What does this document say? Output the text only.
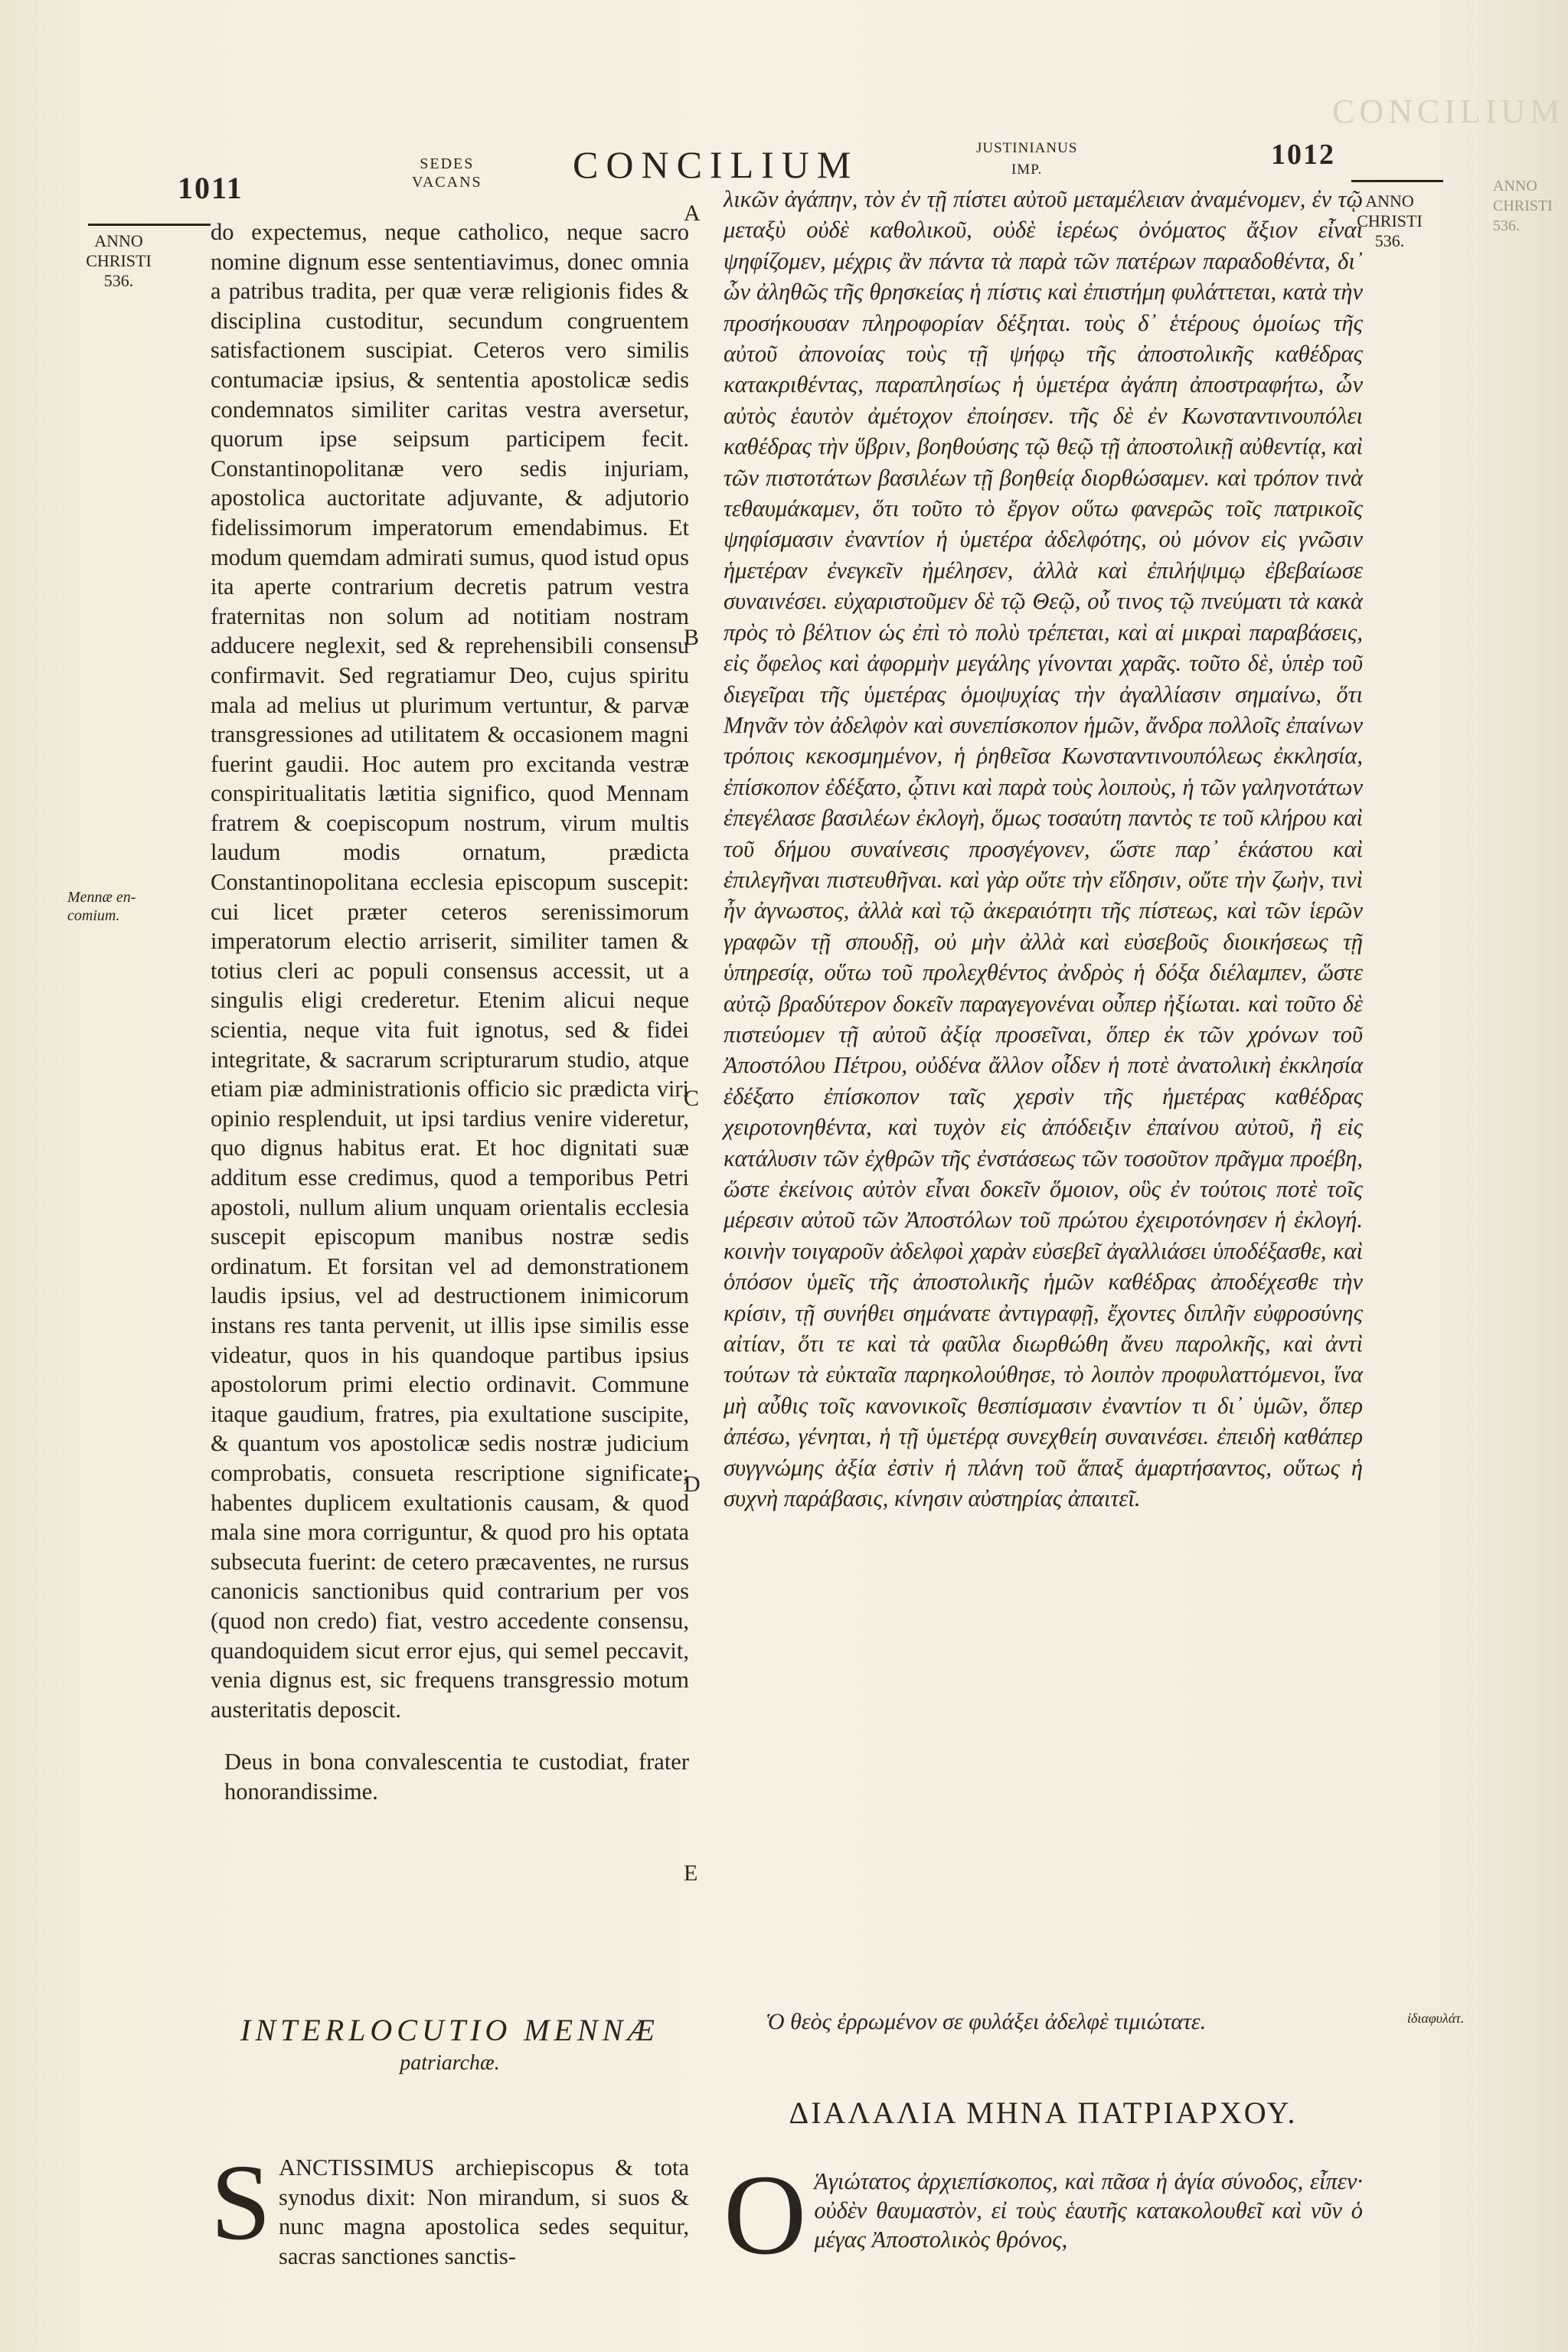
CONCILIUM
ANNO
CHRISTI
536.
1011
SEDES
VACANS CONCILIUM	JUSTINIANUS
IMP.	1012
ANNO
CHRISTI
536.
ANNO
CHRISTI
536.
Mennæ en-
comium.

do expectemus, neque catholico, neque sacro nomine dignum esse sententiavimus, donec omnia a patribus tradita, per quæ veræ religionis fides & disciplina custoditur, secundum congruentem satisfactionem suscipiat. Ceteros vero similis contumaciæ ipsius, & sententia apostolicæ sedis condemnatos similiter caritas vestra aversetur, quorum ipse seipsum participem fecit. Constantinopolitanæ vero sedis injuriam, apostolica auctoritate adjuvante, & adjutorio fidelissimorum imperatorum emendabimus. Et modum quemdam admirati sumus, quod istud opus ita aperte contrarium decretis patrum vestra fraternitas non solum ad notitiam nostram adducere neglexit, sed & reprehensibili consensu confirmavit. Sed regratiamur Deo, cujus spiritu mala ad melius ut plurimum vertuntur, & parvæ transgressiones ad utilitatem & occasionem magni fuerint gaudii. Hoc autem pro excitanda vestræ conspiritualitatis lætitia significo, quod Mennam fratrem & coepiscopum nostrum, virum multis laudum modis ornatum, prædicta Constantinopolitana ecclesia episcopum suscepit: cui licet præter ceteros serenissimorum imperatorum electio arriserit, similiter tamen & totius cleri ac populi consensus accessit, ut a singulis eligi crederetur. Etenim alicui neque scientia, neque vita fuit ignotus, sed & fidei integritate, & sacrarum scripturarum studio, atque etiam piæ administrationis officio sic prædicta viri opinio resplenduit, ut ipsi tardius venire videretur, quo dignus habitus erat. Et hoc dignitati suæ additum esse credimus, quod a temporibus Petri apostoli, nullum alium unquam orientalis ecclesia suscepit episcopum manibus nostræ sedis ordinatum. Et forsitan vel ad demonstrationem laudis ipsius, vel ad destructionem inimicorum instans res tanta pervenit, ut illis ipse similis esse videatur, quos in his quandoque partibus ipsius apostolorum primi electio ordinavit. Commune itaque gaudium, fratres, pia exultatione suscipite, & quantum vos apostolicæ sedis nostræ judicium comprobatis, consueta rescriptione significate; habentes duplicem exultationis causam, & quod mala sine mora corriguntur, & quod pro his optata subsecuta fuerint: de cetero præcaventes, ne rursus canonicis sanctionibus quid contrarium per vos (quod non credo) fiat, vestro accedente consensu, quandoquidem sicut error ejus, qui semel peccavit, venia dignus est, sic frequens transgressio motum austeritatis deposcit.

Deus in bona convalescentia te custodiat, frater honorandissime.

INTERLOCUTIO MENNÆ
patriarchæ.
S ANCTISSIMUS archiepiscopus & tota synodus dixit: Non mirandum, si suos & nunc magna apostolica sedes sequitur, sacras sanctiones sanctis-
A
B
C
D
E

λικῶν ἀγάπην, τὸν ἐν τῇ πίστει αὐτοῦ μεταμέλειαν ἀναμένομεν, ἐν τῷ μεταξὺ οὐδὲ καθολικοῦ, οὐδὲ ἱερέως ὀνόματος ἄξιον εἶναι ψηφίζομεν, μέχρις ἂν πάντα τὰ παρὰ τῶν πατέρων παραδοθέντα, δι᾽ ὧν ἀληθῶς τῆς θρησκείας ἡ πίστις καὶ ἐπιστήμη φυλάττεται, κατὰ τὴν προσήκουσαν πληροφορίαν δέξηται. τοὺς δ᾽ ἑτέρους ὁμοίως τῆς αὐτοῦ ἀπονοίας τοὺς τῇ ψήφῳ τῆς ἀποστολικῆς καθέδρας κατακριθέντας, παραπλησίως ἡ ὑμετέρα ἀγάπη ἀποστραφήτω, ὧν αὐτὸς ἑαυτὸν ἀμέτοχον ἐποίησεν. τῆς δὲ ἐν Κωνσταντινουπόλει καθέδρας τὴν ὕβριν, βοηθούσης τῷ θεῷ τῇ ἀποστολικῇ αὐθεντίᾳ, καὶ τῶν πιστοτάτων βασιλέων τῇ βοηθείᾳ διορθώσαμεν. καὶ τρόπον τινὰ τεθαυμάκαμεν, ὅτι τοῦτο τὸ ἔργον οὕτω φανερῶς τοῖς πατρικοῖς ψηφίσμασιν ἐναντίον ἡ ὑμετέρα ἀδελφότης, οὐ μόνον εἰς γνῶσιν ἡμετέραν ἐνεγκεῖν ἠμέλησεν, ἀλλὰ καὶ ἐπιλήψιμῳ ἐβεβαίωσε συναινέσει. εὐχαριστοῦμεν δὲ τῷ Θεῷ, οὗ τινος τῷ πνεύματι τὰ κακὰ πρὸς τὸ βέλτιον ὡς ἐπὶ τὸ πολὺ τρέπεται, καὶ αἱ μικραὶ παραβάσεις, εἰς ὄφελος καὶ ἀφορμὴν μεγάλης γίνονται χαρᾶς. τοῦτο δὲ, ὑπὲρ τοῦ διεγεῖραι τῆς ὑμετέρας ὁμοψυχίας τὴν ἀγαλλίασιν σημαίνω, ὅτι Μηνᾶν τὸν ἀδελφὸν καὶ συνεπίσκοπον ἡμῶν, ἄνδρα πολλοῖς ἐπαίνων τρόποις κεκοσμημένον, ἡ ῥηθεῖσα Κωνσταντινουπόλεως ἐκκλησία, ἐπίσκοπον ἐδέξατο, ᾧτινι καὶ παρὰ τοὺς λοιποὺς, ἡ τῶν γαληνοτάτων ἐπεγέλασε βασιλέων ἐκλογὴ, ὅμως τοσαύτη παντὸς τε τοῦ κλήρου καὶ τοῦ δήμου συναίνεσις προσγέγονεν, ὥστε παρ᾽ ἑκάστου καὶ ἐπιλεγῆναι πιστευθῆναι. καὶ γὰρ οὔτε τὴν εἴδησιν, οὔτε τὴν ζωὴν, τινὶ ἦν ἀγνωστος, ἀλλὰ καὶ τῷ ἀκεραιότητι τῆς πίστεως, καὶ τῶν ἱερῶν γραφῶν τῇ σπουδῇ, οὐ μὴν ἀλλὰ καὶ εὐσεβοῦς διοικήσεως τῇ ὑπηρεσίᾳ, οὕτω τοῦ προλεχθέντος ἀνδρὸς ἡ δόξα διέλαμπεν, ὥστε αὐτῷ βραδύτερον δοκεῖν παραγεγονέναι οὗπερ ἠξίωται. καὶ τοῦτο δὲ πιστεύομεν τῇ αὐτοῦ ἀξίᾳ προσεῖναι, ὅπερ ἐκ τῶν χρόνων τοῦ Ἀποστόλου Πέτρου, οὐδένα ἄλλον οἶδεν ἡ ποτὲ ἀνατολικὴ ἐκκλησία ἐδέξατο ἐπίσκοπον ταῖς χερσὶν τῆς ἡμετέρας καθέδρας χειροτονηθέντα, καὶ τυχὸν εἰς ἀπόδειξιν ἐπαίνου αὐτοῦ, ἢ εἰς κατάλυσιν τῶν ἐχθρῶν τῆς ἐνστάσεως τῶν τοσοῦτον πρᾶγμα προέβη, ὥστε ἐκείνοις αὐτὸν εἶναι δοκεῖν ὅμοιον, οὓς ἐν τούτοις ποτὲ τοῖς μέρεσιν αὐτοῦ τῶν Ἀποστόλων τοῦ πρώτου ἐχειροτόνησεν ἡ ἐκλογή. κοινὴν τοιγαροῦν ἀδελφοὶ χαρὰν εὐσεβεῖ ἀγαλλιάσει ὑποδέξασθε, καὶ ὁπόσον ὑμεῖς τῆς ἀποστολικῆς ἡμῶν καθέδρας ἀποδέχεσθε τὴν κρίσιν, τῇ συνήθει σημάνατε ἀντιγραφῇ, ἔχοντες διπλῆν εὐφροσύνης αἰτίαν, ὅτι τε καὶ τὰ φαῦλα διωρθώθη ἄνευ παρολκῆς, καὶ ἀντὶ τούτων τὰ εὐκταῖα παρηκολούθησε, τὸ λοιπὸν προφυλαττόμενοι, ἵνα μὴ αὖθις τοῖς κανονικοῖς θεσπίσμασιν ἐναντίον τι δι᾽ ὑμῶν, ὅπερ ἀπέσω, γένηται, ἡ τῇ ὑμετέρᾳ συνεχθείη συναινέσει. ἐπειδὴ καθάπερ συγγνώμης ἀξία ἐστὶν ἡ πλάνη τοῦ ἅπαξ ἁμαρτήσαντος, οὕτως ἡ συχνὴ παράβασις, κίνησιν αὐστηρίας ἀπαιτεῖ.

Ὁ θεὸς ἐρρωμένον σε φυλάξει ἀδελφὲ τιμιώτατε.	ἰδιαφυλάτ.
ΔΙΑΛΑΛΙΑ ΜΗΝΑ ΠΑΤΡΙΑΡΧΟΥ.
Ο Ἁγιώτατος ἀρχιεπίσκοπος, καὶ πᾶσα ἡ ἁγία σύνοδος, εἶπεν· οὐδὲν θαυμαστὸν, εἰ τοὺς ἑαυτῆς κατακολουθεῖ καὶ νῦν ὁ μέγας Ἀποστολικὸς θρόνος,
